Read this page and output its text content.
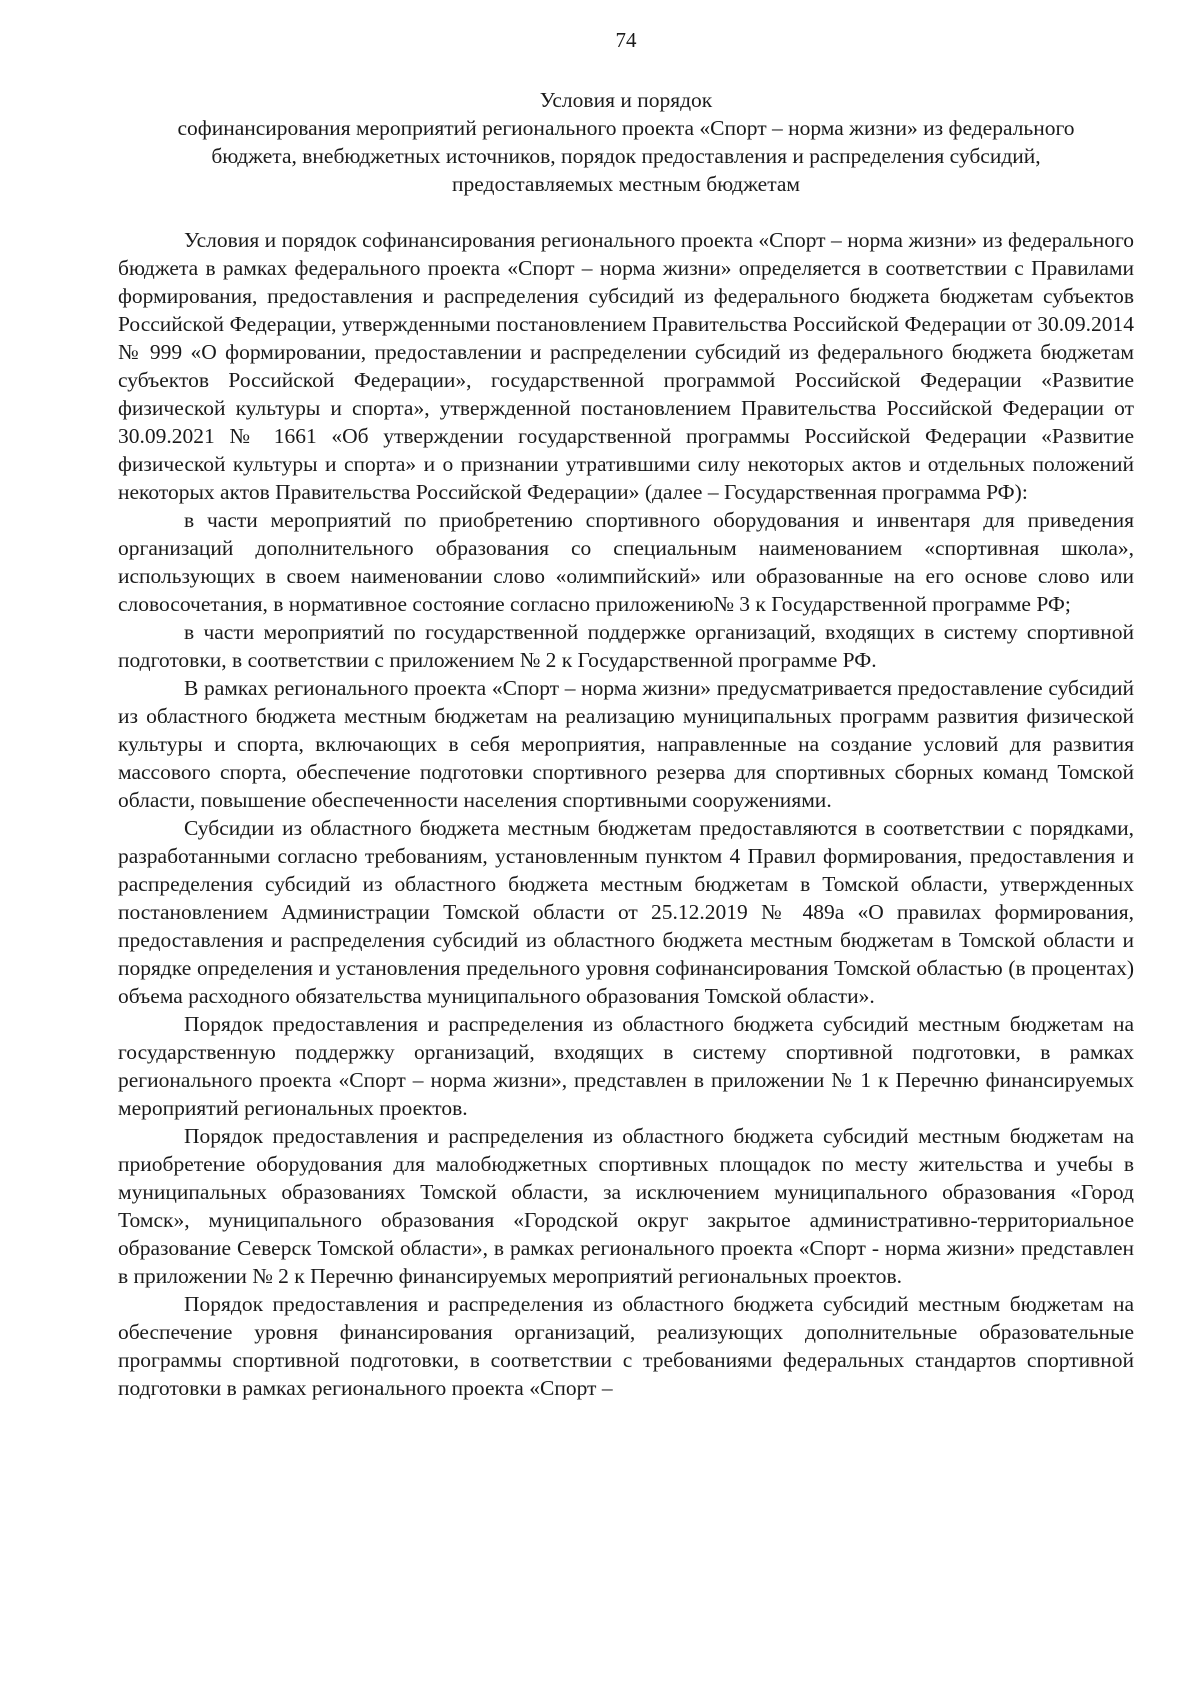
74
Условия и порядок
софинансирования мероприятий регионального проекта «Спорт – норма жизни» из федерального
бюджета, внебюджетных источников, порядок предоставления и распределения субсидий,
предоставляемых местным бюджетам

Условия и порядок софинансирования регионального проекта «Спорт – норма жизни» из федерального бюджета в рамках федерального проекта «Спорт – норма жизни» определяется в соответствии с Правилами формирования, предоставления и распределения субсидий из федерального бюджета бюджетам субъектов Российской Федерации, утвержденными постановлением Правительства Российской Федерации от 30.09.2014 № 999 «О формировании, предоставлении и распределении субсидий из федерального бюджета бюджетам субъектов Российской Федерации», государственной программой Российской Федерации «Развитие физической культуры и спорта», утвержденной постановлением Правительства Российской Федерации от 30.09.2021 № 1661 «Об утверждении государственной программы Российской Федерации «Развитие физической культуры и спорта» и о признании утратившими силу некоторых актов и отдельных положений некоторых актов Правительства Российской Федерации» (далее – Государственная программа РФ):

в части мероприятий по приобретению спортивного оборудования и инвентаря для приведения организаций дополнительного образования со специальным наименованием «спортивная школа», использующих в своем наименовании слово «олимпийский» или образованные на его основе слово или словосочетания, в нормативное состояние согласно приложению№ 3 к Государственной программе РФ;

в части мероприятий по государственной поддержке организаций, входящих в систему спортивной подготовки, в соответствии с приложением № 2 к Государственной программе РФ.

В рамках регионального проекта «Спорт – норма жизни» предусматривается предоставление субсидий из областного бюджета местным бюджетам на реализацию муниципальных программ развития физической культуры и спорта, включающих в себя мероприятия, направленные на создание условий для развития массового спорта, обеспечение подготовки спортивного резерва для спортивных сборных команд Томской области, повышение обеспеченности населения спортивными сооружениями.

Субсидии из областного бюджета местным бюджетам предоставляются в соответствии с порядками, разработанными согласно требованиям, установленным пунктом 4 Правил формирования, предоставления и распределения субсидий из областного бюджета местным бюджетам в Томской области, утвержденных постановлением Администрации Томской области от 25.12.2019 № 489а «О правилах формирования, предоставления и распределения субсидий из областного бюджета местным бюджетам в Томской области и порядке определения и установления предельного уровня софинансирования Томской областью (в процентах) объема расходного обязательства муниципального образования Томской области».

Порядок предоставления и распределения из областного бюджета субсидий местным бюджетам на государственную поддержку организаций, входящих в систему спортивной подготовки, в рамках регионального проекта «Спорт – норма жизни», представлен в приложении № 1 к Перечню финансируемых мероприятий региональных проектов.

Порядок предоставления и распределения из областного бюджета субсидий местным бюджетам на приобретение оборудования для малобюджетных спортивных площадок по месту жительства и учебы в муниципальных образованиях Томской области, за исключением муниципального образования «Город Томск», муниципального образования «Городской округ закрытое административно-территориальное образование Северск Томской области», в рамках регионального проекта «Спорт - норма жизни» представлен в приложении № 2 к Перечню финансируемых мероприятий региональных проектов.

Порядок предоставления и распределения из областного бюджета субсидий местным бюджетам на обеспечение уровня финансирования организаций, реализующих дополнительные образовательные программы спортивной подготовки, в соответствии с требованиями федеральных стандартов спортивной подготовки в рамках регионального проекта «Спорт –
